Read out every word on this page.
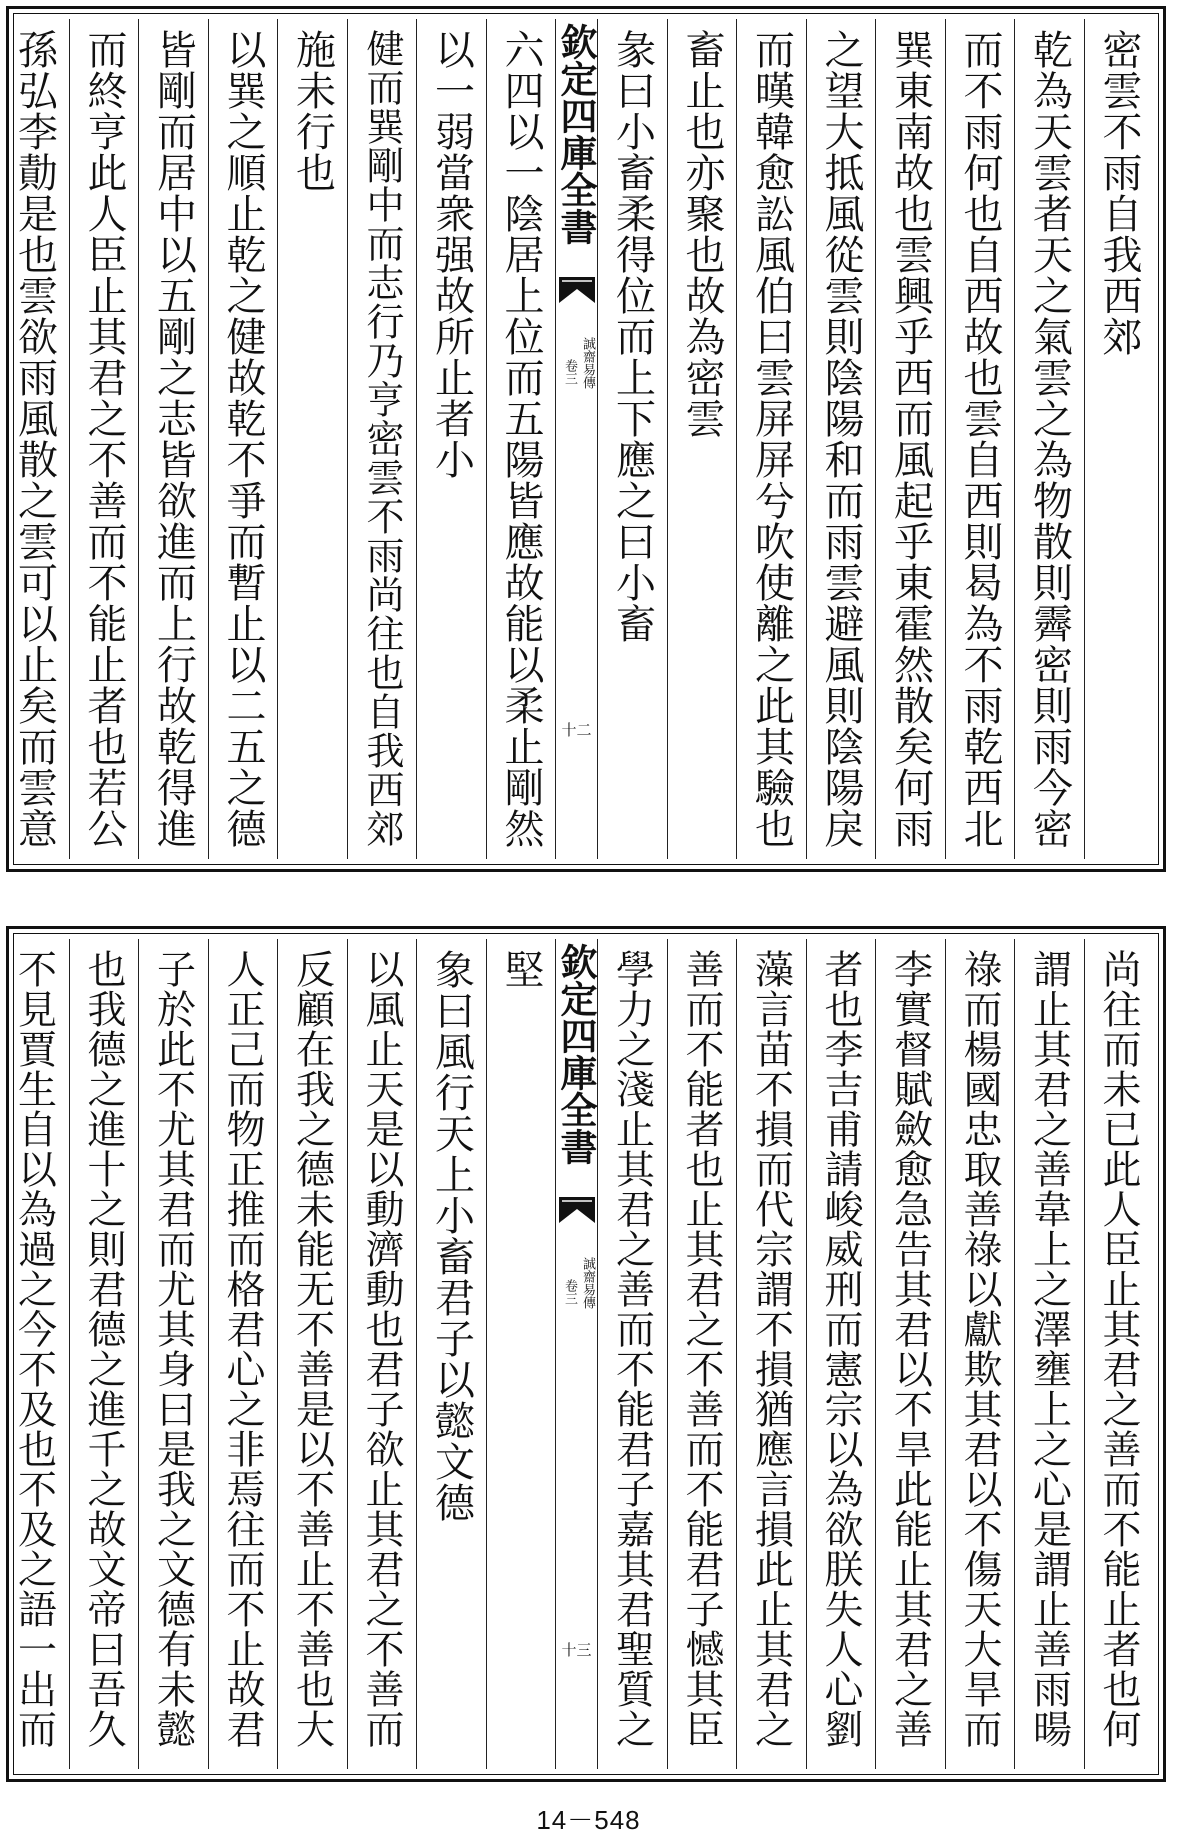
密雲不雨自我西郊
乾為天雲者天之氣雲之為物散則霽密則雨今密
而不雨何也自西故也雲自西則曷為不雨乾西北
巽東南故也雲興乎西而風起乎東霍然散矣何雨
之望大抵風從雲則陰陽和而雨雲避風則陰陽戾
而暵韓愈訟風伯曰雲屏屏兮吹使離之此其驗也
畜止也亦聚也故為密雲
彖曰小畜柔得位而上下應之曰小畜
欽定四庫全書
誠齋易傳
卷三
十二
六四以一陰居上位而五陽皆應故能以柔止剛然
以一弱當衆强故所止者小
健而巽剛中而志行乃亨密雲不雨尚往也自我西郊
施未行也
以巽之順止乾之健故乾不爭而暫止以二五之德
皆剛而居中以五剛之志皆欲進而上行故乾得進
而終亨此人臣止其君之不善而不能止者也若公
孫弘李勣是也雲欲雨風散之雲可以止矣而雲意
尚往而未已此人臣止其君之善而不能止者也何
謂止其君之善韋上之澤壅上之心是謂止善雨暘
祿而楊國忠取善祿以獻欺其君以不傷天大旱而
李實督賦斂愈急告其君以不旱此能止其君之善
者也李吉甫請峻威刑而憲宗以為欲朕失人心劉
藻言苗不損而代宗謂不損猶應言損此止其君之
善而不能者也止其君之不善而不能君子憾其臣
學力之淺止其君之善而不能君子嘉其君聖質之
欽定四庫全書
誠齋易傳
卷三
十三
堅
象曰風行天上小畜君子以懿文德
以風止天是以動濟動也君子欲止其君之不善而
反顧在我之德未能无不善是以不善止不善也大
人正己而物正推而格君心之非焉往而不止故君
子於此不尤其君而尤其身曰是我之文德有未懿
也我德之進十之則君德之進千之故文帝曰吾久
不見賈生自以為過之今不及也不及之語一出而
14－548
